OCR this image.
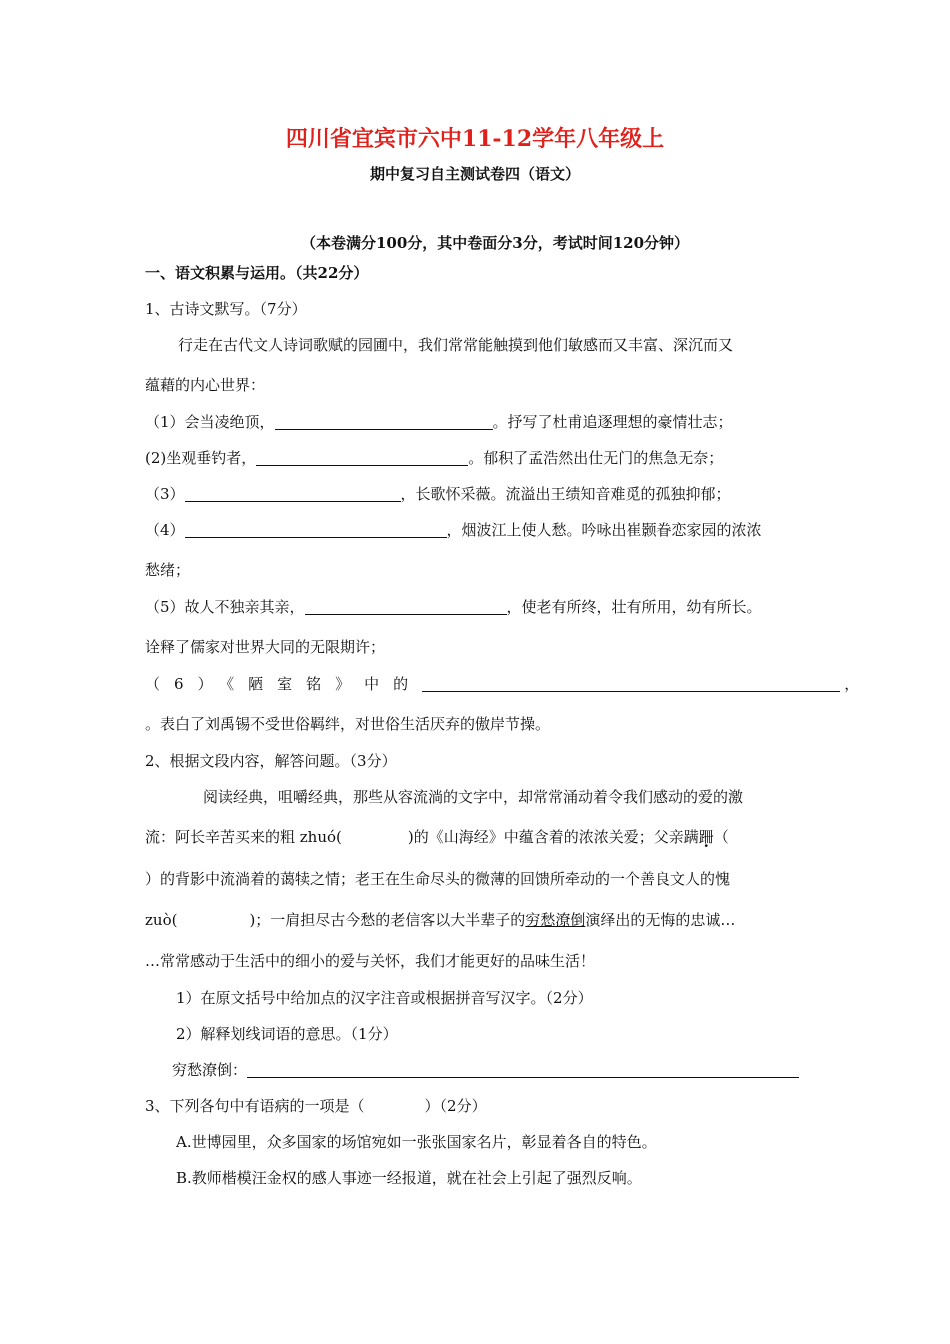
四川省宜宾市六中11-12学年八年级上
期中复习自主测试卷四（语文）
（本卷满分100分，其中卷面分3分，考试时间120分钟）
一、语文积累与运用。（共22分）
1、古诗文默写。（7分）
行走在古代文人诗词歌赋的园圃中，我们常常能触摸到他们敏感而又丰富、深沉而又
蕴藉的内心世界：
（1）会当凌绝顶，	。抒写了杜甫追逐理想的豪情壮志；
(2)坐观垂钓者，	。郁积了孟浩然出仕无门的焦急无奈；
（3）	，长歌怀采薇。流溢出王绩知音难觅的孤独抑郁；
（4）	，烟波江上使人愁。吟咏出崔颢眷恋家园的浓浓
愁绪；
（5）故人不独亲其亲，	，使老有所终，壮有所用，幼有所长。
诠释了儒家对世界大同的无限期许；
（ 6 ） 《 陋 室 铭 》 中 的	，
。表白了刘禹锡不受世俗羁绊，对世俗生活厌弃的傲岸节操。
2、根据文段内容，解答问题。（3分）
阅读经典，咀嚼经典，那些从容流淌的文字中，却常常涌动着令我们感动的爱的激
流：阿长辛苦买来的粗 zhuó(	)的《山海经》中蕴含着的浓浓关爱；父亲蹒跚（
）的背影中流淌着的蔼犊之情；老王在生命尽头的微薄的回馈所牵动的一个善良文人的愧
zuò(	)；一肩担尽古今愁的老信客以大半辈子的穷愁潦倒演绎出的无悔的忠诚…
…常常感动于生活中的细小的爱与关怀，我们才能更好的品味生活！
1）在原文括号中给加点的汉字注音或根据拼音写汉字。（2分）
2）解释划线词语的意思。（1分）
穷愁潦倒：
3、下列各句中有语病的一项是（	）（2分）
A.世博园里，众多国家的场馆宛如一张张国家名片，彰显着各自的特色。
B.教师楷模汪金权的感人事迹一经报道，就在社会上引起了强烈反响。
